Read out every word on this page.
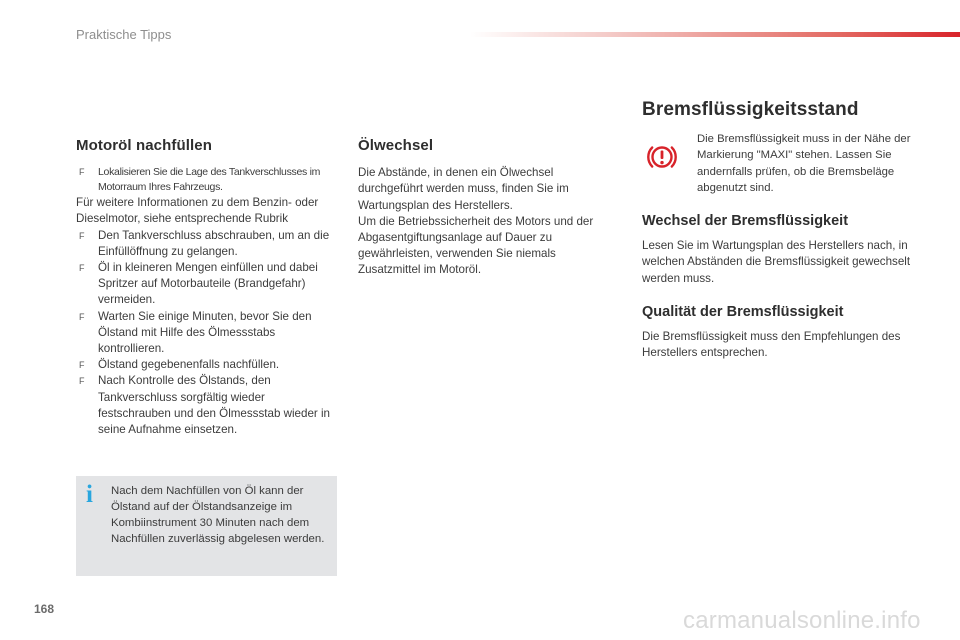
Praktische Tipps
Motoröl nachfüllen
F Lokalisieren Sie die Lage des Tankverschlusses im Motorraum Ihres Fahrzeugs.
Für weitere Informationen zu dem Benzin- oder Dieselmotor, siehe entsprechende Rubrik
F Den Tankverschluss abschrauben, um an die Einfüllöffnung zu gelangen.
F Öl in kleineren Mengen einfüllen und dabei Spritzer auf Motorbauteile (Brandgefahr) vermeiden.
F Warten Sie einige Minuten, bevor Sie den Ölstand mit Hilfe des Ölmessstabs kontrollieren.
F Ölstand gegebenenfalls nachfüllen.
F Nach Kontrolle des Ölstands, den Tankverschluss sorgfältig wieder festschrauben und den Ölmessstab wieder in seine Aufnahme einsetzen.
i Nach dem Nachfüllen von Öl kann der Ölstand auf der Ölstandsanzeige im Kombiinstrument 30 Minuten nach dem Nachfüllen zuverlässig abgelesen werden.
Ölwechsel
Die Abstände, in denen ein Ölwechsel durchgeführt werden muss, finden Sie im Wartungsplan des Herstellers.
Um die Betriebssicherheit des Motors und der Abgasentgiftungsanlage auf Dauer zu gewährleisten, verwenden Sie niemals Zusatzmittel im Motoröl.
Bremsflüssigkeitsstand
Die Bremsflüssigkeit muss in der Nähe der Markierung "MAXI" stehen. Lassen Sie andernfalls prüfen, ob die Bremsbeläge abgenutzt sind.
Wechsel der Bremsflüssigkeit
Lesen Sie im Wartungsplan des Herstellers nach, in welchen Abständen die Bremsflüssigkeit gewechselt werden muss.
Qualität der Bremsflüssigkeit
Die Bremsflüssigkeit muss den Empfehlungen des Herstellers entsprechen.
168	carmanualsonline.info
